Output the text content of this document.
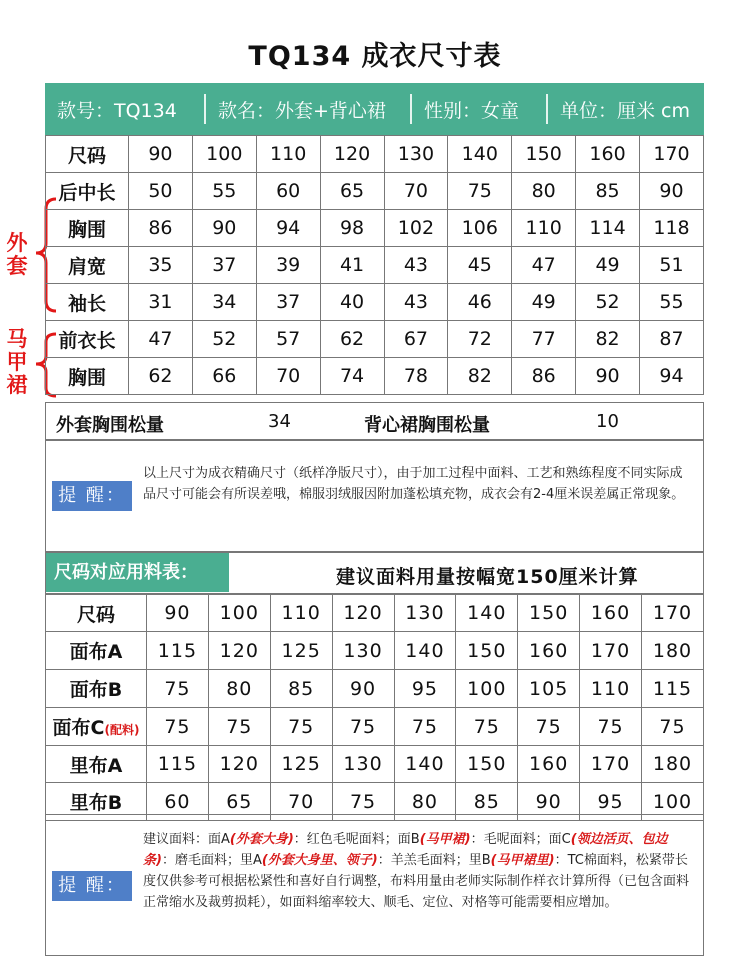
TQ134 成衣尺寸表
款号：TQ134	款名：外套+背心裙	性别：女童	单位：厘米 cm
外套
马甲裙
尺码	90	100	110	120	130	140	150	160	170
后中长	50	55	60	65	70	75	80	85	90
胸围	86	90	94	98	102	106	110	114	118
肩宽	35	37	39	41	43	45	47	49	51
袖长	31	34	37	40	43	46	49	52	55
前衣长	47	52	57	62	67	72	77	82	87
胸围	62	66	70	74	78	82	86	90	94
外套胸围松量	34	背心裙胸围松量	10
提 醒：
以上尺寸为成衣精确尺寸（纸样净版尺寸），由于加工过程中面料、工艺和熟练程度不同实际成品尺寸可能会有所误差哦，棉服羽绒服因附加蓬松填充物，成衣会有2-4厘米误差属正常现象。
尺码对应用料表：	建议面料用量按幅宽150厘米计算
尺码	90	100	110	120	130	140	150	160	170
面布A	115	120	125	130	140	150	160	170	180
面布B	75	80	85	90	95	100	105	110	115
面布C(配料)	75	75	75	75	75	75	75	75	75
里布A	115	120	125	130	140	150	160	170	180
里布B	60	65	70	75	80	85	90	95	100
提 醒：
建议面料：面A(外套大身)：红色毛呢面料；面B(马甲裙)：毛呢面料；面C(领边活页、包边条)：磨毛面料；里A(外套大身里、领子)：羊羔毛面料；里B(马甲裙里)：TC棉面料，松紧带长度仅供参考可根据松紧性和喜好自行调整，布料用量由老师实际制作样衣计算所得（已包含面料正常缩水及裁剪损耗），如面料缩率较大、顺毛、定位、对格等可能需要相应增加。
